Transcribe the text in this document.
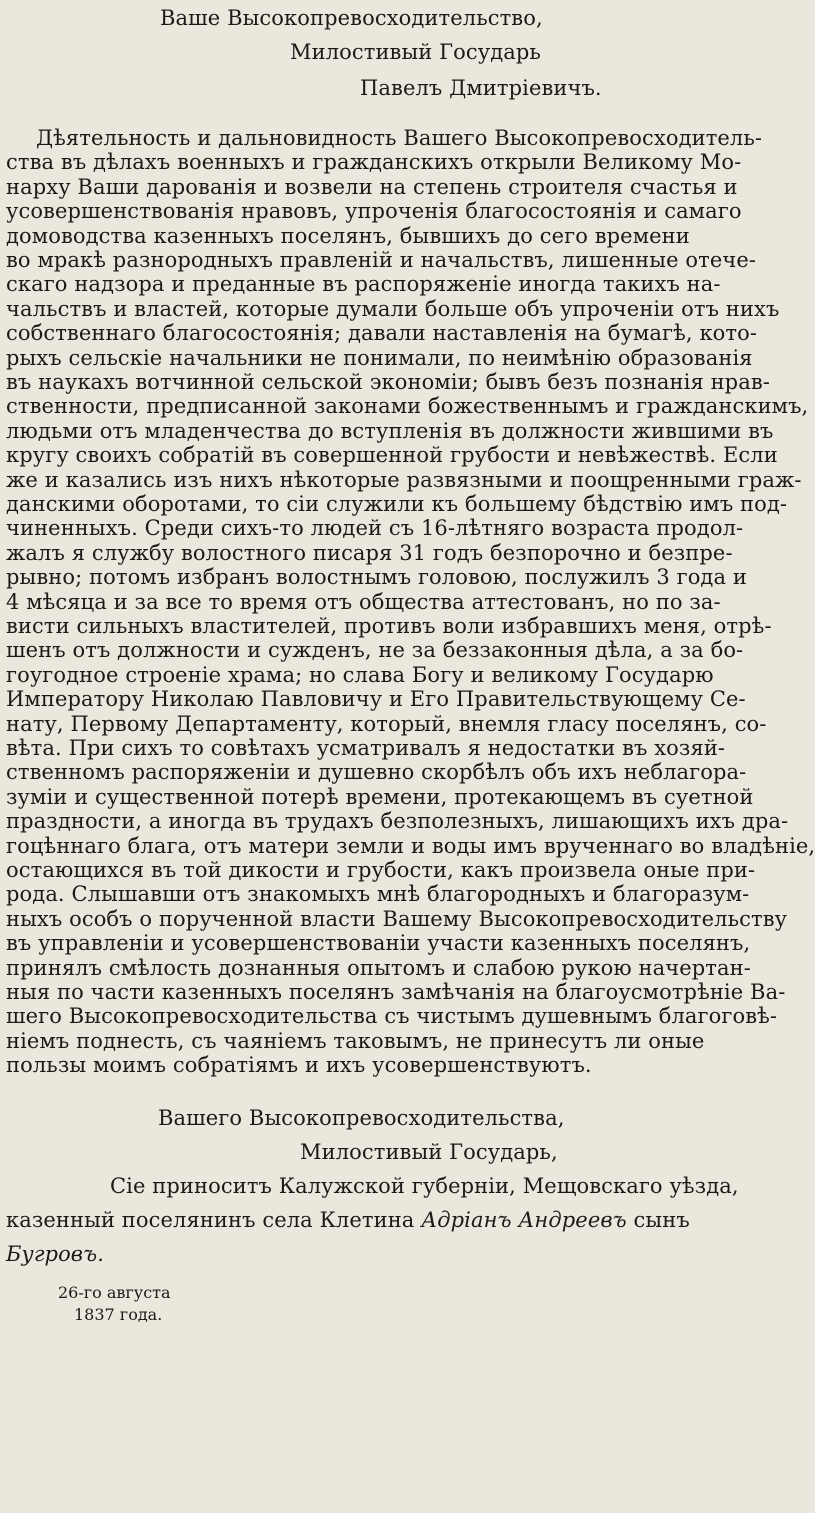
Ваше Высокопревосходительство,
Милостивый Государь
Павелъ Дмитріевичъ.
Дѣятельность и дальновидность Вашего Высокопревосходитель-
ства въ дѣлахъ военныхъ и гражданскихъ открыли Великому Мо-
нарху Ваши дарованія и возвели на степень строителя счастья и
усовершенствованія нравовъ, упроченія благосостоянія и самаго
домоводства казенныхъ поселянъ, бывшихъ до сего времени
во мракѣ разнородныхъ правленій и начальствъ, лишенные отече-
скаго надзора и преданные въ распоряженіе иногда такихъ на-
чальствъ и властей, которые думали больше объ упроченіи отъ нихъ
собственнаго благосостоянія; давали наставленія на бумагѣ, кото-
рыхъ сельскіе начальники не понимали, по неимѣнію образованія
въ наукахъ вотчинной сельской экономіи; бывъ безъ познанія нрав-
ственности, предписанной законами божественнымъ и гражданскимъ,
людьми отъ младенчества до вступленія въ должности жившими въ
кругу своихъ собратій въ совершенной грубости и невѣжествѣ. Если
же и казались изъ нихъ нѣкоторые развязными и поощренными граж-
данскими оборотами, то сіи служили къ большему бѣдствію имъ под-
чиненныхъ. Среди сихъ-то людей съ 16-лѣтняго возраста продол-
жалъ я службу волостного писаря 31 годъ безпорочно и безпре-
рывно; потомъ избранъ волостнымъ головою, послужилъ 3 года и
4 мѣсяца и за все то время отъ общества аттестованъ, но по за-
висти сильныхъ властителей, противъ воли избравшихъ меня, отрѣ-
шенъ отъ должности и сужденъ, не за беззаконныя дѣла, а за бо-
гоугодное строеніе храма; но слава Богу и великому Государю
Императору Николаю Павловичу и Его Правительствующему Се-
нату, Первому Департаменту, который, внемля гласу поселянъ, со-
вѣта. При сихъ то совѣтахъ усматривалъ я недостатки въ хозяй-
ственномъ распоряженіи и душевно скорбѣлъ объ ихъ неблагора-
зуміи и существенной потерѣ времени, протекающемъ въ суетной
праздности, а иногда въ трудахъ безполезныхъ, лишающихъ ихъ дра-
гоцѣннаго блага, отъ матери земли и воды имъ врученнаго во владѣніе,
остающихся въ той дикости и грубости, какъ произвела оные при-
рода. Слышавши отъ знакомыхъ мнѣ благородныхъ и благоразум-
ныхъ особъ о порученной власти Вашему Высокопревосходительству
въ управленіи и усовершенствованіи участи казенныхъ поселянъ,
принялъ смѣлость дознанныя опытомъ и слабою рукою начертан-
ныя по части казенныхъ поселянъ замѣчанія на благоусмотрѣніе Ва-
шего Высокопревосходительства съ чистымъ душевнымъ благоговѣ-
ніемъ поднесть, съ чаяніемъ таковымъ, не принесутъ ли оные
пользы моимъ собратіямъ и ихъ усовершенствуютъ.
Вашего Высокопревосходительства,
Милостивый Государь,
Сіе приноситъ Калужской губерніи, Мещовскаго уѣзда,
казенный поселянинъ села Клетина Адріанъ Андреевъ сынъ
Бугровъ.
26-го августа
1837 года.
